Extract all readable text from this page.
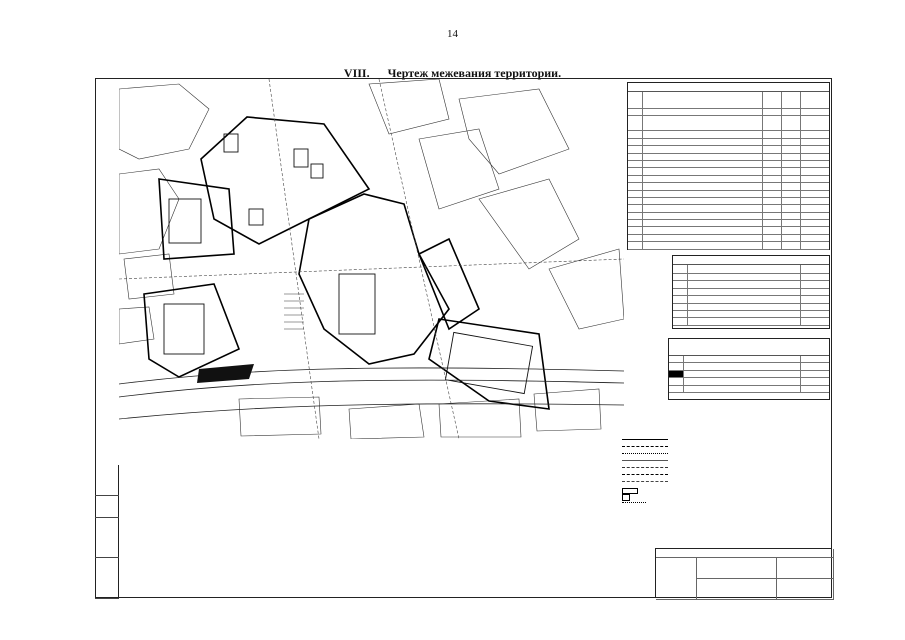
14
VIII. Чертеж межевания территории.
